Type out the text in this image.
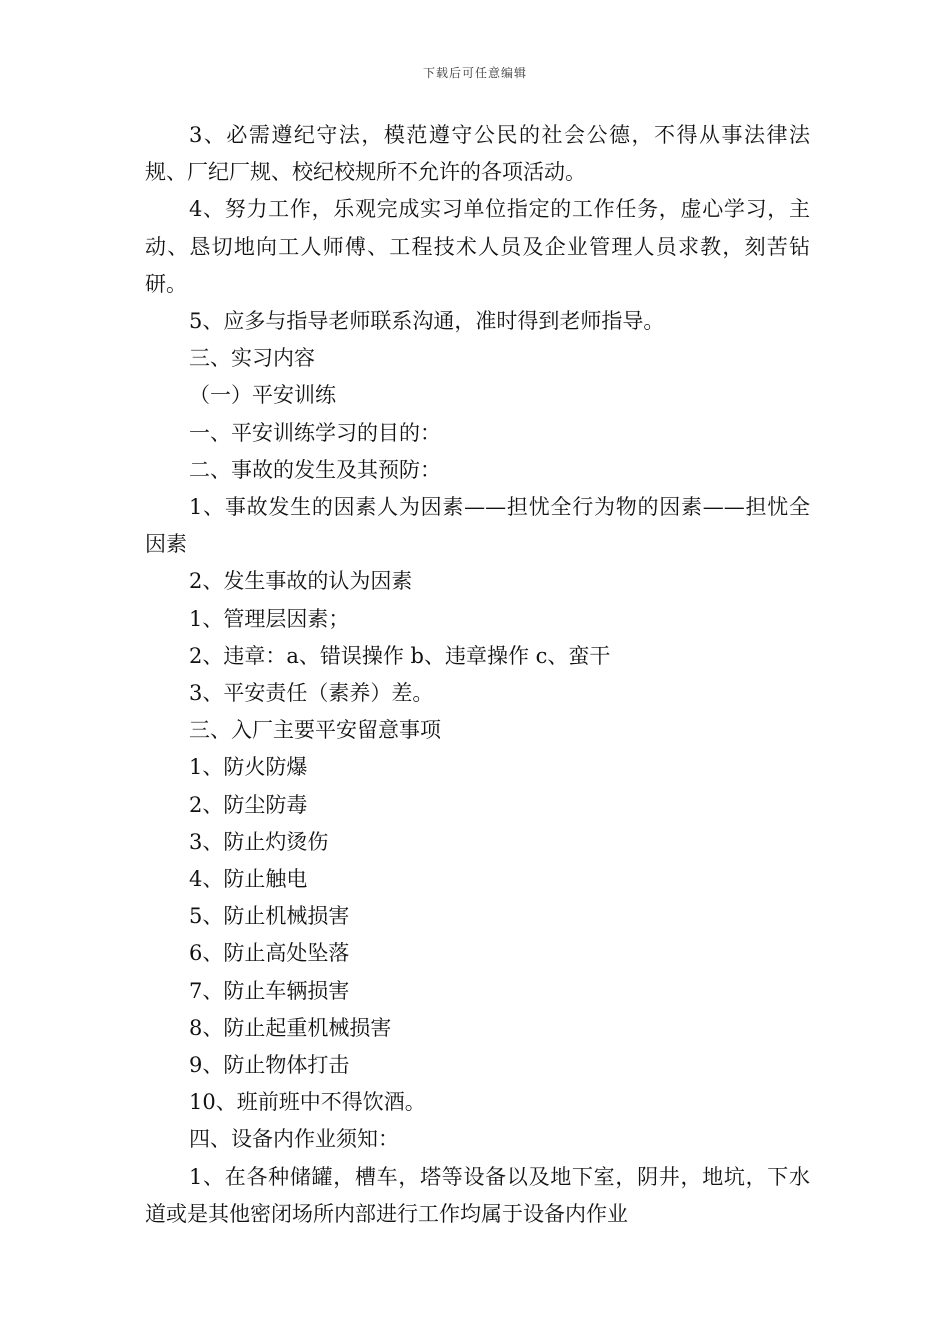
下载后可任意编辑

3、必需遵纪守法，模范遵守公民的社会公德，不得从事法律法规、厂纪厂规、校纪校规所不允许的各项活动。

4、努力工作，乐观完成实习单位指定的工作任务，虚心学习，主动、恳切地向工人师傅、工程技术人员及企业管理人员求教，刻苦钻研。

5、应多与指导老师联系沟通，准时得到老师指导。

三、实习内容

（一）平安训练

一、平安训练学习的目的：

二、事故的发生及其预防：

1、事故发生的因素人为因素——担忧全行为物的因素——担忧全因素

2、发生事故的认为因素

1、管理层因素；

2、违章：a、错误操作 b、违章操作 c、蛮干

3、平安责任（素养）差。

三、入厂主要平安留意事项

1、防火防爆

2、防尘防毒

3、防止灼烫伤

4、防止触电

5、防止机械损害

6、防止高处坠落

7、防止车辆损害

8、防止起重机械损害

9、防止物体打击

10、班前班中不得饮酒。

四、设备内作业须知：

1、在各种储罐，槽车，塔等设备以及地下室，阴井，地坑，下水道或是其他密闭场所内部进行工作均属于设备内作业
